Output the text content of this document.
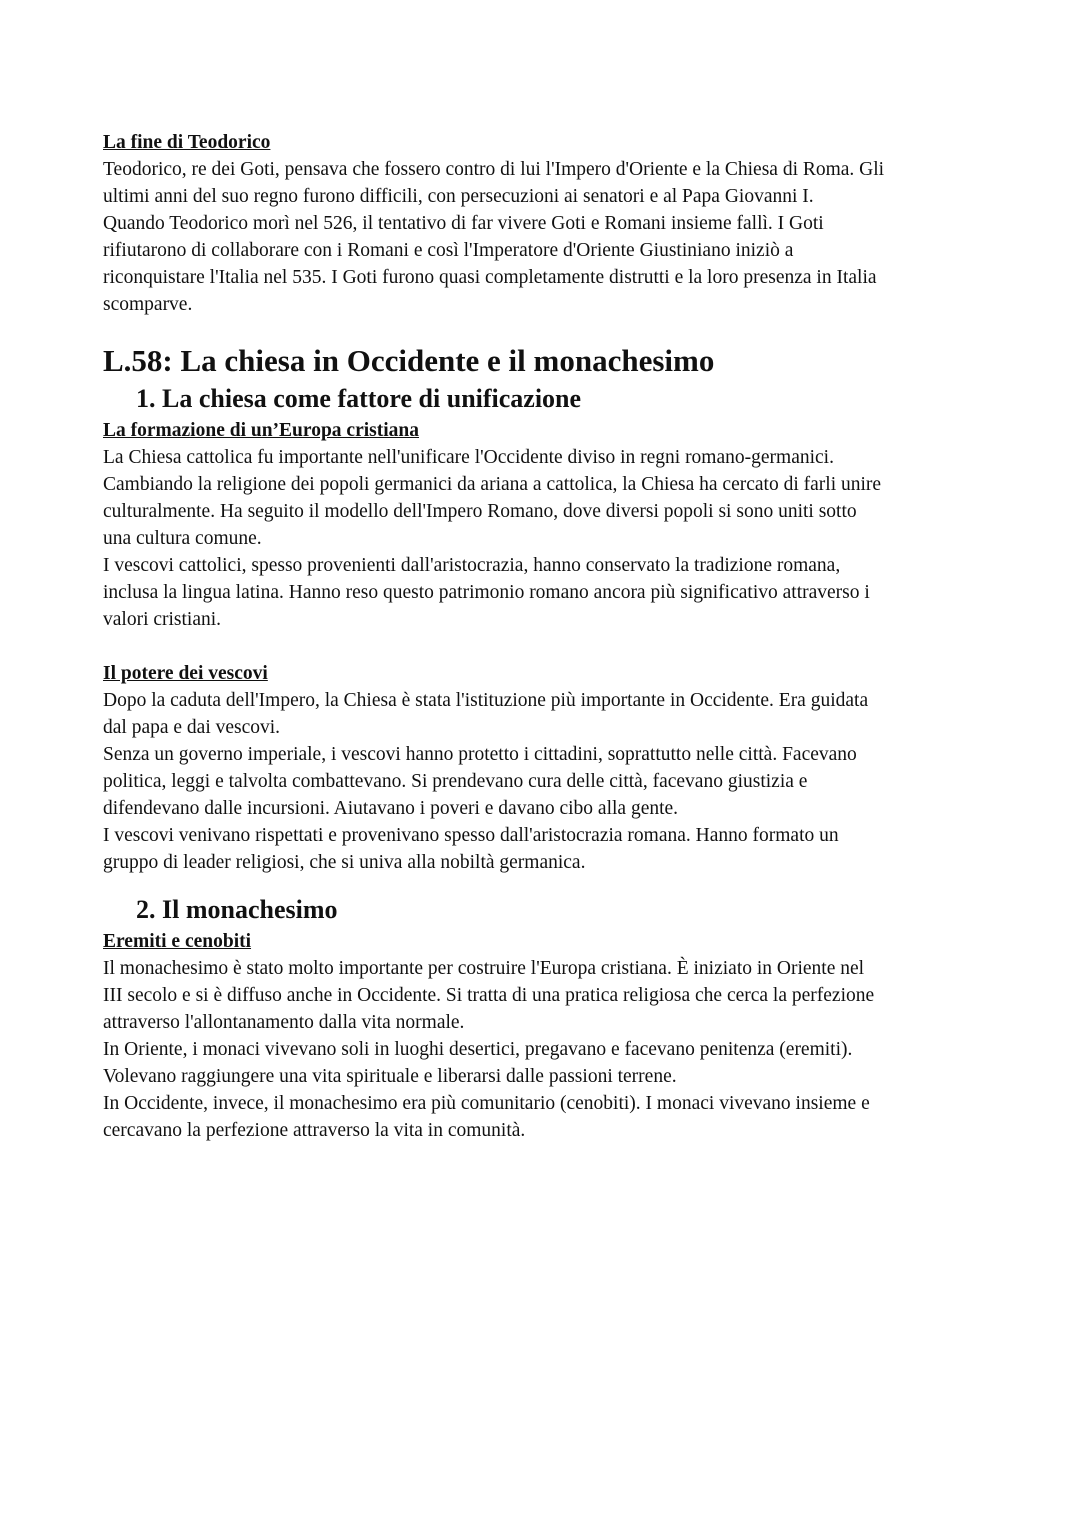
La fine di Teodorico

Teodorico, re dei Goti, pensava che fossero contro di lui l'Impero d'Oriente e la Chiesa di Roma. Gli
ultimi anni del suo regno furono difficili, con persecuzioni ai senatori e al Papa Giovanni I.
Quando Teodorico morì nel 526, il tentativo di far vivere Goti e Romani insieme fallì. I Goti
rifiutarono di collaborare con i Romani e così l'Imperatore d'Oriente Giustiniano iniziò a
riconquistare l'Italia nel 535. I Goti furono quasi completamente distrutti e la loro presenza in Italia
scomparve.

L.58: La chiesa in Occidente e il monachesimo
1. La chiesa come fattore di unificazione

La formazione di un’Europa cristiana

La Chiesa cattolica fu importante nell'unificare l'Occidente diviso in regni romano-germanici.
Cambiando la religione dei popoli germanici da ariana a cattolica, la Chiesa ha cercato di farli unire
culturalmente. Ha seguito il modello dell'Impero Romano, dove diversi popoli si sono uniti sotto
una cultura comune.
I vescovi cattolici, spesso provenienti dall'aristocrazia, hanno conservato la tradizione romana,
inclusa la lingua latina. Hanno reso questo patrimonio romano ancora più significativo attraverso i
valori cristiani.

Il potere dei vescovi

Dopo la caduta dell'Impero, la Chiesa è stata l'istituzione più importante in Occidente. Era guidata
dal papa e dai vescovi.
Senza un governo imperiale, i vescovi hanno protetto i cittadini, soprattutto nelle città. Facevano
politica, leggi e talvolta combattevano. Si prendevano cura delle città, facevano giustizia e
difendevano dalle incursioni. Aiutavano i poveri e davano cibo alla gente.
I vescovi venivano rispettati e provenivano spesso dall'aristocrazia romana. Hanno formato un
gruppo di leader religiosi, che si univa alla nobiltà germanica.

2. Il monachesimo

Eremiti e cenobiti

Il monachesimo è stato molto importante per costruire l'Europa cristiana. È iniziato in Oriente nel
III secolo e si è diffuso anche in Occidente. Si tratta di una pratica religiosa che cerca la perfezione
attraverso l'allontanamento dalla vita normale.
In Oriente, i monaci vivevano soli in luoghi desertici, pregavano e facevano penitenza (eremiti).
Volevano raggiungere una vita spirituale e liberarsi dalle passioni terrene.
In Occidente, invece, il monachesimo era più comunitario (cenobiti). I monaci vivevano insieme e
cercavano la perfezione attraverso la vita in comunità.
